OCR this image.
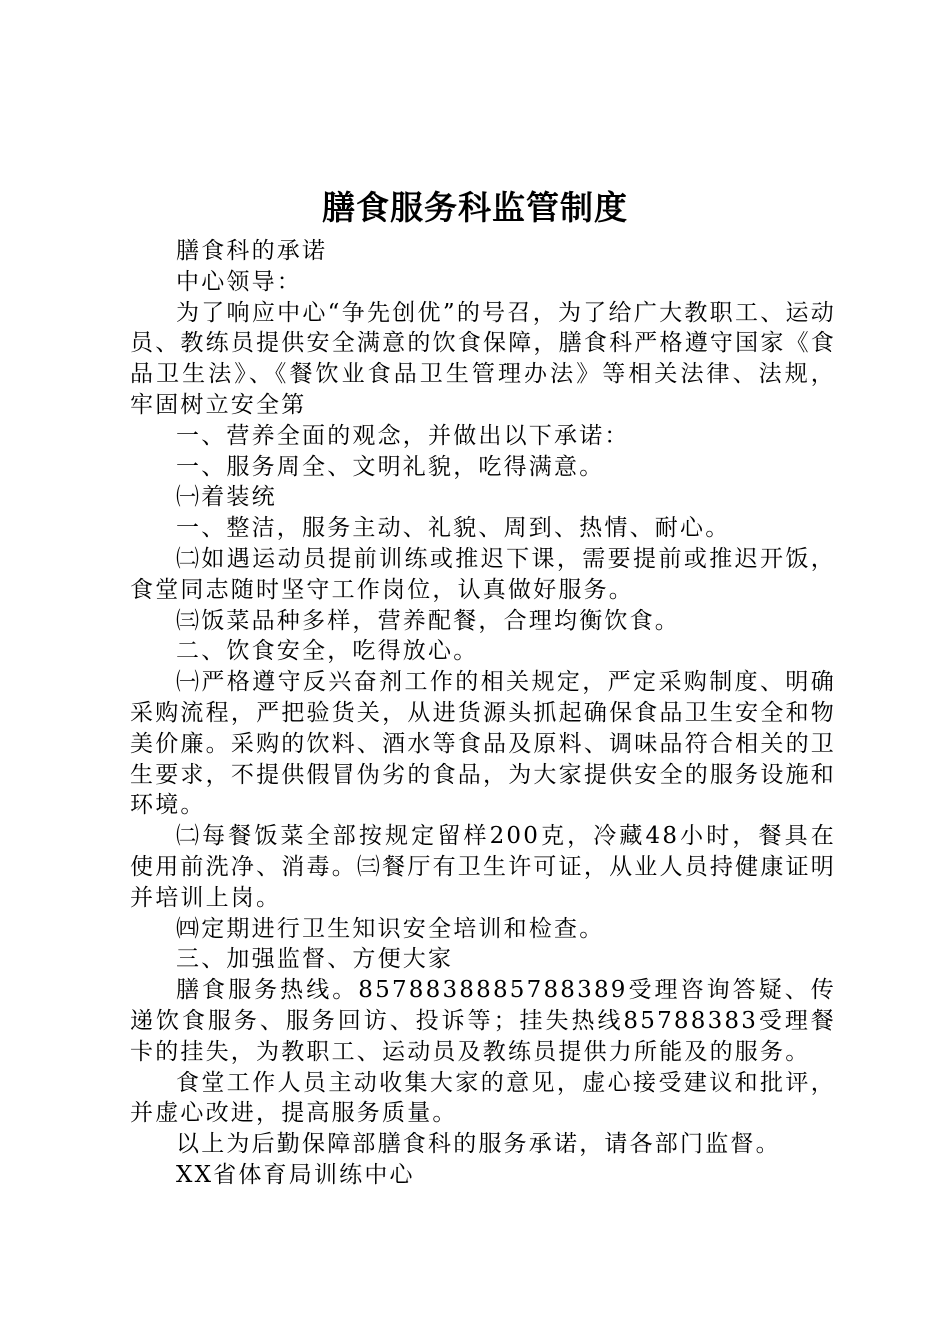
膳食服务科监管制度

膳食科的承诺

中心领导：

为了响应中心“争先创优”的号召，为了给广大教职工、运动员、教练员提供安全满意的饮食保障，膳食科严格遵守国家《食品卫生法》、《餐饮业食品卫生管理办法》等相关法律、法规，牢固树立安全第

一、营养全面的观念，并做出以下承诺：

一、服务周全、文明礼貌，吃得满意。

㈠着装统

一、整洁，服务主动、礼貌、周到、热情、耐心。

㈡如遇运动员提前训练或推迟下课，需要提前或推迟开饭，食堂同志随时坚守工作岗位，认真做好服务。

㈢饭菜品种多样，营养配餐，合理均衡饮食。

二、饮食安全，吃得放心。

㈠严格遵守反兴奋剂工作的相关规定，严定采购制度、明确采购流程，严把验货关，从进货源头抓起确保食品卫生安全和物美价廉。采购的饮料、酒水等食品及原料、调味品符合相关的卫生要求，不提供假冒伪劣的食品，为大家提供安全的服务设施和环境。

㈡每餐饭菜全部按规定留样200克，冷藏48小时，餐具在使用前洗净、消毒。㈢餐厅有卫生许可证，从业人员持健康证明并培训上岗。

㈣定期进行卫生知识安全培训和检查。

三、加强监督、方便大家

膳食服务热线。8578838885788389受理咨询答疑、传递饮食服务、服务回访、投诉等；挂失热线85788383受理餐卡的挂失，为教职工、运动员及教练员提供力所能及的服务。

食堂工作人员主动收集大家的意见，虚心接受建议和批评，并虚心改进，提高服务质量。

以上为后勤保障部膳食科的服务承诺，请各部门监督。

XX省体育局训练中心
